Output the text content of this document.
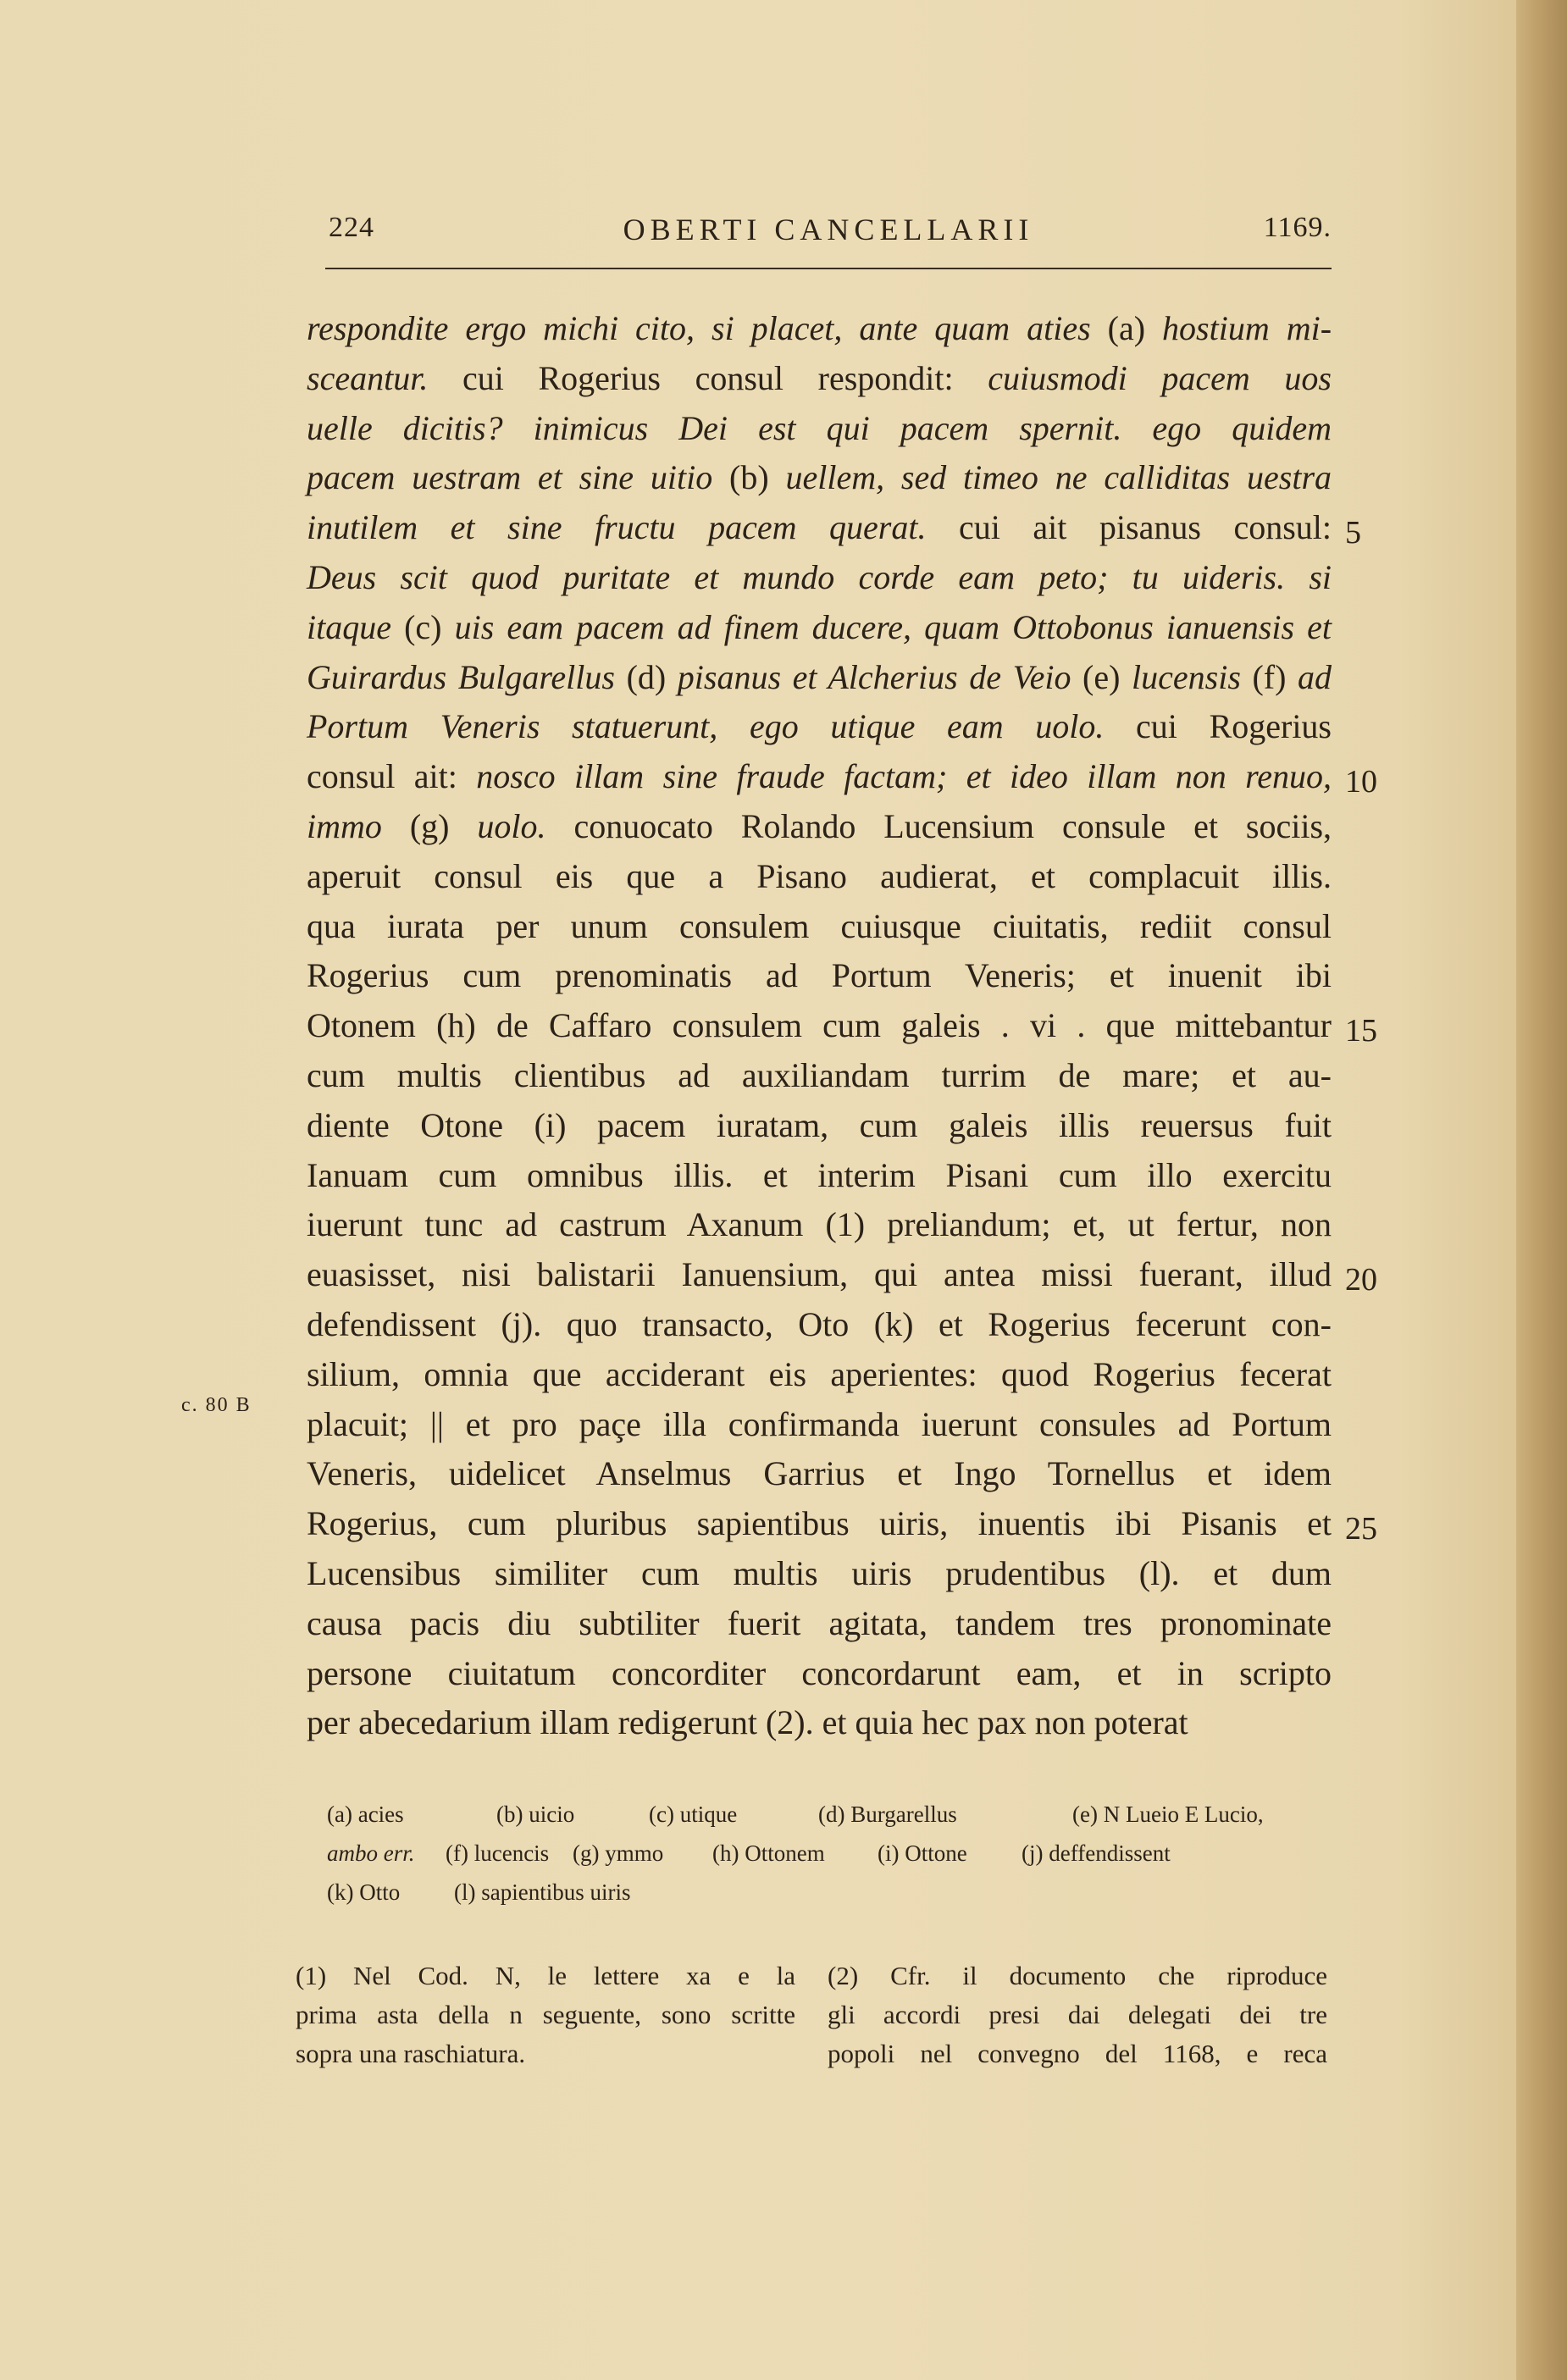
224	OBERTI CANCELLARII	1169.
c. 80 B
respondite ergo michi cito, si placet, ante quam aties (a) hostium mi-
sceantur. cui Rogerius consul respondit: cuiusmodi pacem uos
uelle dicitis? inimicus Dei est qui pacem spernit. ego quidem
pacem uestram et sine uitio (b) uellem, sed timeo ne calliditas uestra
inutilem et sine fructu pacem querat. cui ait pisanus consul:
Deus scit quod puritate et mundo corde eam peto; tu uideris. si
itaque (c) uis eam pacem ad finem ducere, quam Ottobonus ianuensis et
Guirardus Bulgarellus (d) pisanus et Alcherius de Veio (e) lucensis (f) ad
Portum Veneris statuerunt, ego utique eam uolo. cui Rogerius
consul ait: nosco illam sine fraude factam; et ideo illam non renuo,
immo (g) uolo. conuocato Rolando Lucensium consule et sociis,
aperuit consul eis que a Pisano audierat, et complacuit illis.
qua iurata per unum consulem cuiusque ciuitatis, rediit consul
Rogerius cum prenominatis ad Portum Veneris; et inuenit ibi
Otonem (h) de Caffaro consulem cum galeis . vi . que mittebantur
cum multis clientibus ad auxiliandam turrim de mare; et au-
diente Otone (i) pacem iuratam, cum galeis illis reuersus fuit
Ianuam cum omnibus illis. et interim Pisani cum illo exercitu
iuerunt tunc ad castrum Axanum (1) preliandum; et, ut fertur, non
euasisset, nisi balistarii Ianuensium, qui antea missi fuerant, illud
defendissent (j). quo transacto, Oto (k) et Rogerius fecerunt con-
silium, omnia que acciderant eis aperientes: quod Rogerius fecerat
placuit; || et pro paçe illa confirmanda iuerunt consules ad Portum
Veneris, uidelicet Anselmus Garrius et Ingo Tornellus et idem
Rogerius, cum pluribus sapientibus uiris, inuentis ibi Pisanis et
Lucensibus similiter cum multis uiris prudentibus (l). et dum
causa pacis diu subtiliter fuerit agitata, tandem tres pronominate
persone ciuitatum concorditer concordarunt eam, et in scripto
per abecedarium illam redigerunt (2). et quia hec pax non poterat
(a) acies	(b) uicio	(c) utique	(d) Burgarellus	(e) N Lueio E Lucio,
ambo err. (f) lucencis (g) ymmo (h) Ottonem (i) Ottone (j) deffendissent
(k) Otto (l) sapientibus uiris
(1) Nel Cod. N, le lettere xa e la
prima asta della n seguente, sono scritte
sopra una raschiatura.
(2) Cfr. il documento che riproduce
gli accordi presi dai delegati dei tre
popoli nel convegno del 1168, e reca
5
10
15
20
25
